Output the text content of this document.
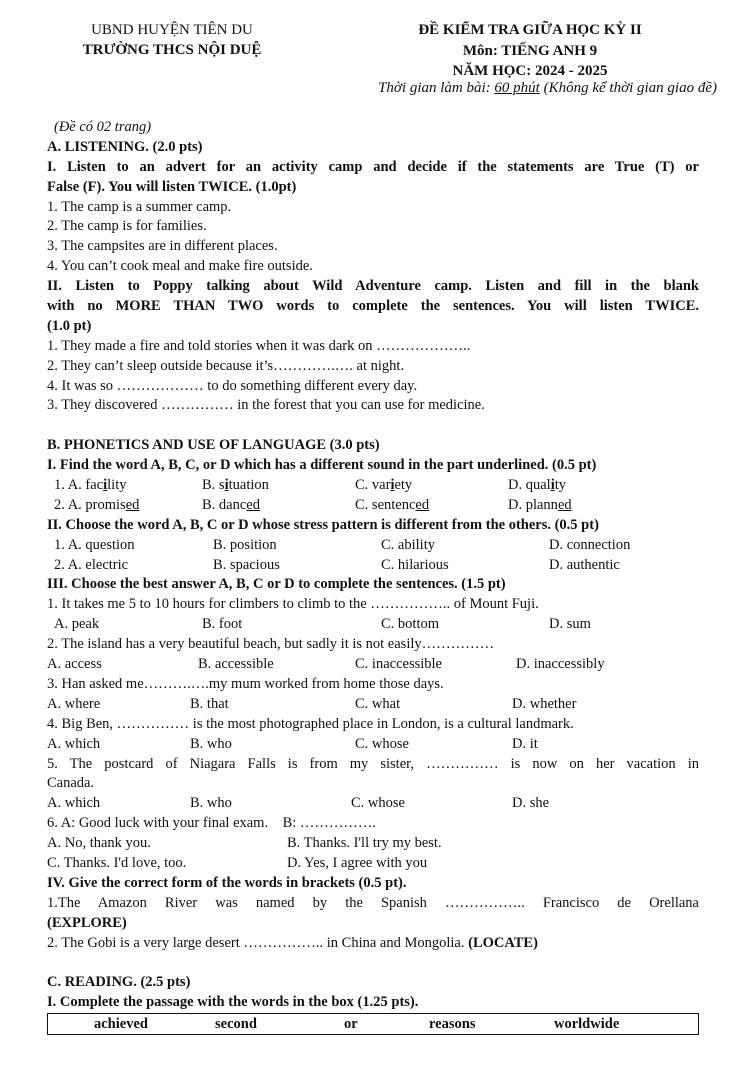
UBND HUYỆN TIÊN DU
TRƯỜNG THCS NỘI DUỆ
ĐỀ KIỂM TRA GIỮA HỌC KỲ II
Môn: TIẾNG ANH 9
NĂM HỌC: 2024 - 2025
Thời gian làm bài: 60 phút (Không kể thời gian giao đề)
(Đề có 02 trang)
A. LISTENING. (2.0 pts)
I. Listen to an advert for an activity camp and decide if the statements are True (T) or
False (F). You will listen TWICE. (1.0pt)
1. The camp is a summer camp.
2. The camp is for families.
3. The campsites are in different places.
4. You can’t cook meal and make fire outside.
II. Listen to Poppy talking about Wild Adventure camp. Listen and fill in the blank
with no MORE THAN TWO words to complete the sentences. You will listen TWICE.
(1.0 pt)
1. They made a fire and told stories when it was dark on ………………..
2. They can’t sleep outside because it’s………….…. at night.
4. It was so ……………… to do something different every day.
3. They discovered …………… in the forest that you can use for medicine.
B. PHONETICS AND USE OF LANGUAGE (3.0 pts)
I. Find the word A, B, C, or D which has a different sound in the part underlined. (0.5 pt)
1. A. facility	B. situation	C. variety	D. quality
2. A. promised	B. danced	C. sentenced	D. planned
II. Choose the word A, B, C or D whose stress pattern is different from the others. (0.5 pt)
1. A. question	B. position	C. ability	D. connection
2. A. electric	B. spacious	C. hilarious	D. authentic
III. Choose the best answer A, B, C or D to complete the sentences. (1.5 pt)
1. It takes me 5 to 10 hours for climbers to climb to the …………….. of Mount Fuji.
A. peak	B. foot	C. bottom	D. sum
2. The island has a very beautiful beach, but sadly it is not easily……………
A. access	B. accessible	C. inaccessible	D. inaccessibly
3. Han asked me……….….my mum worked from home those days.
A. where	B. that	C. what	D. whether
4. Big Ben, …………… is the most photographed place in London, is a cultural landmark.
A. which	B. who	C. whose	D. it
5. The postcard of Niagara Falls is from my sister, …………… is now on her vacation in
Canada.
A. which	B. who	C. whose	D. she
6. A: Good luck with your final exam.    B: …………….
A. No, thank you.	B. Thanks. I'll try my best.
C. Thanks. I'd love, too.	D. Yes, I agree with you
IV. Give the correct form of the words in brackets (0.5 pt).
1.The Amazon River was named by the Spanish …………….. Francisco de Orellana
(EXPLORE)
2. The Gobi is a very large desert …………….. in China and Mongolia. (LOCATE)
C. READING. (2.5 pts)
I. Complete the passage with the words in the box (1.25 pts).
achieved	second	or	reasons	worldwide
